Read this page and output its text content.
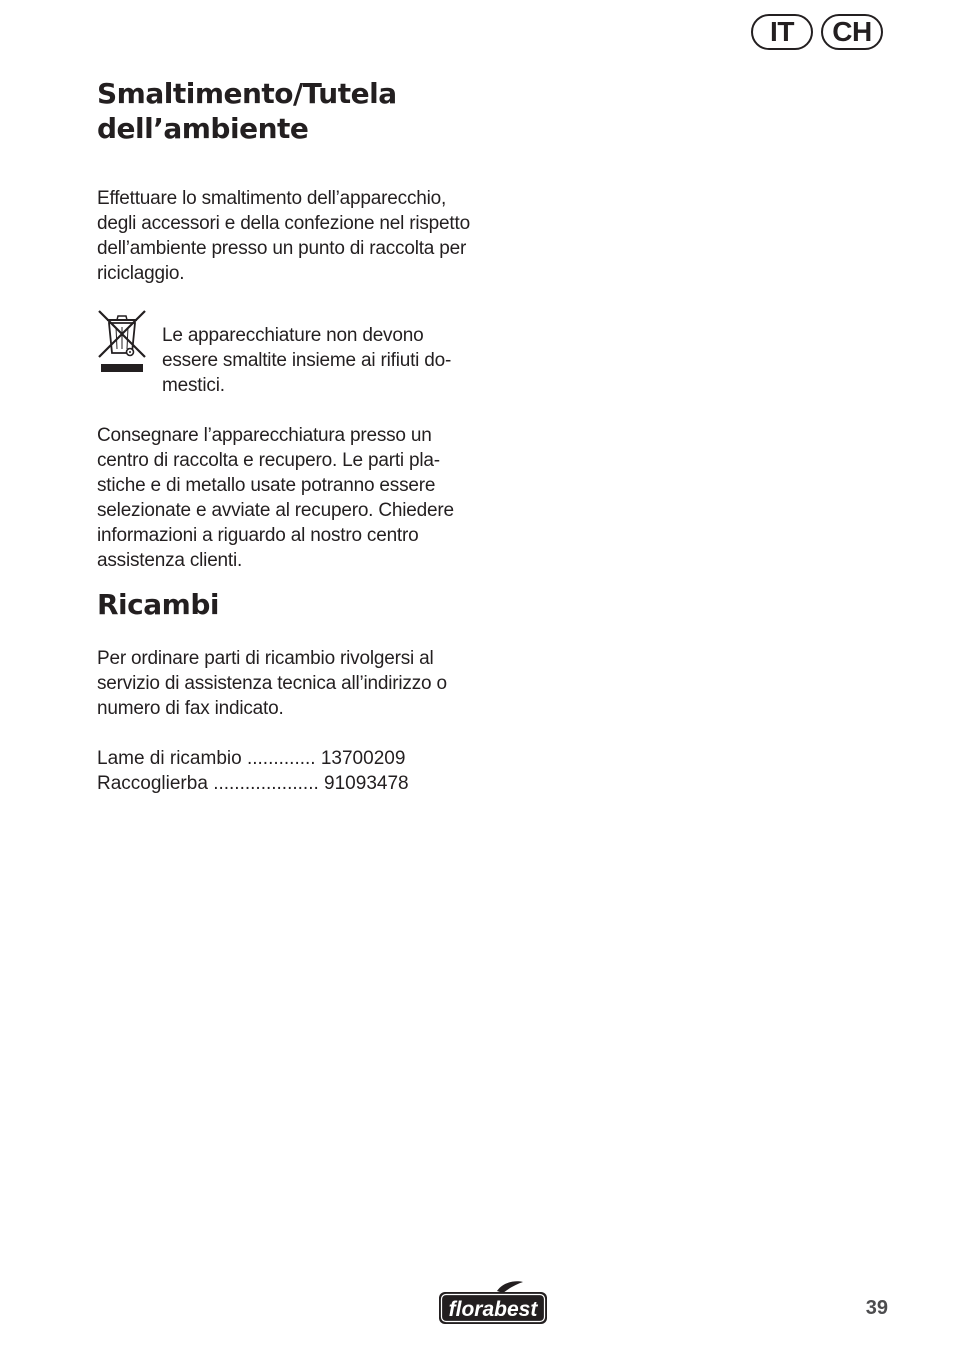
IT	CH
Smaltimento/Tutela
dell’ambiente

Effettuare lo smaltimento dell’apparecchio,
degli accessori e della confezione nel rispetto
dell’ambiente presso un punto di raccolta per
riciclaggio.

Le apparecchiature non devono
essere smaltite insieme ai rifiuti do-
mestici.

Consegnare l’apparecchiatura presso un
centro di raccolta e recupero. Le parti pla-
stiche e di metallo usate potranno essere
selezionate e avviate al recupero. Chiedere
informazioni a riguardo al nostro centro
assistenza clienti.

Ricambi

Per ordinare parti di ricambio rivolgersi al
servizio di assistenza tecnica all’indirizzo o
numero di fax indicato.

Lame di ricambio ............. 13700209
Raccoglierba .................... 91093478
florabest	39
